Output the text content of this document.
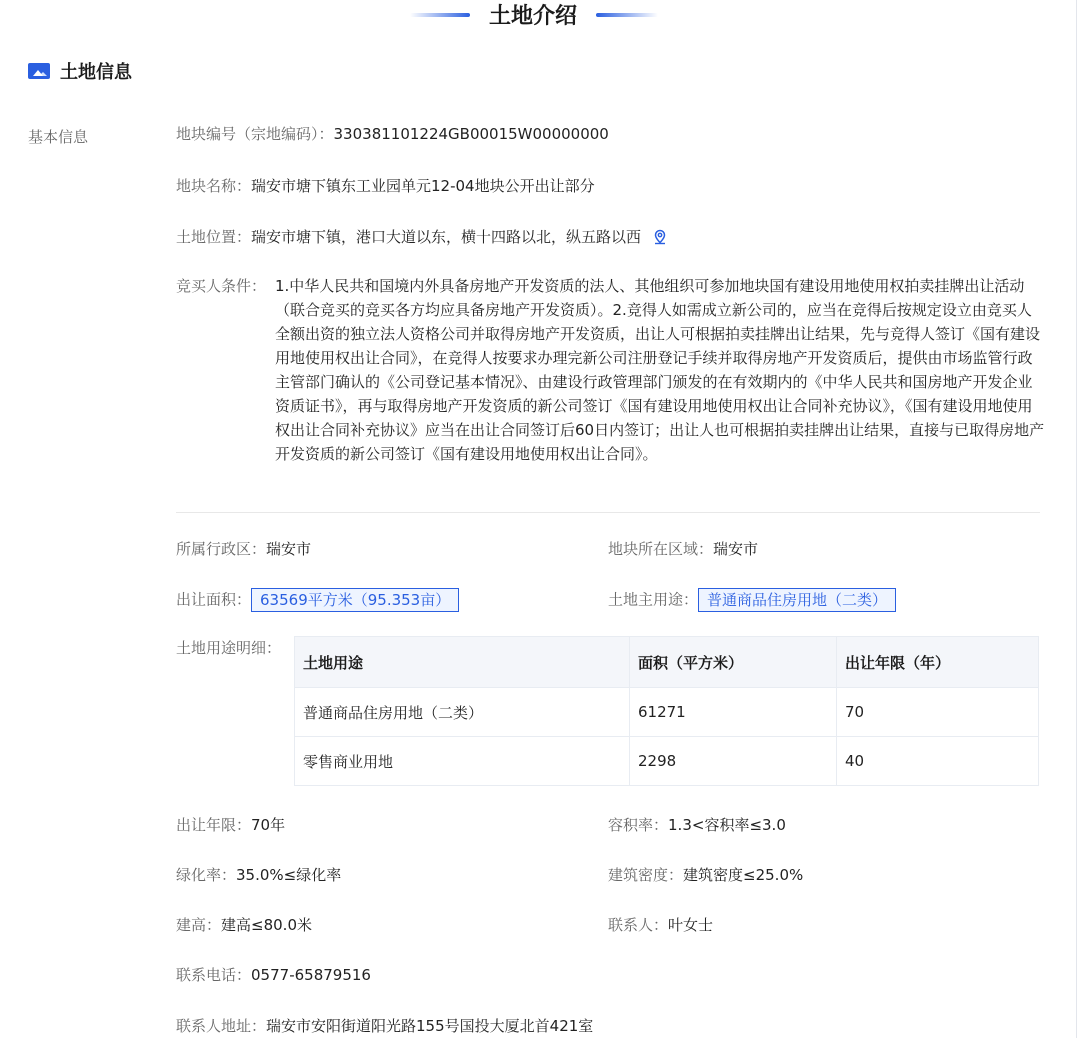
土地介绍
土地信息
基本信息	地块编号（宗地编码）：330381101224GB00015W00000000
地块名称：瑞安市塘下镇东工业园单元12-04地块公开出让部分
土地位置：瑞安市塘下镇，港口大道以东，横十四路以北，纵五路以西
竞买人条件： 1.中华人民共和国境内外具备房地产开发资质的法人、其他组织可参加地块国有建设用地使用权拍卖挂牌出让活动（联合竞买的竞买各方均应具备房地产开发资质）。2.竞得人如需成立新公司的，应当在竞得后按规定设立由竞买人全额出资的独立法人资格公司并取得房地产开发资质，出让人可根据拍卖挂牌出让结果，先与竞得人签订《国有建设用地使用权出让合同》，在竞得人按要求办理完新公司注册登记手续并取得房地产开发资质后，提供由市场监管行政主管部门确认的《公司登记基本情况》、由建设行政管理部门颁发的在有效期内的《中华人民共和国房地产开发企业资质证书》，再与取得房地产开发资质的新公司签订《国有建设用地使用权出让合同补充协议》，《国有建设用地使用权出让合同补充协议》应当在出让合同签订后60日内签订；出让人也可根据拍卖挂牌出让结果，直接与已取得房地产开发资质的新公司签订《国有建设用地使用权出让合同》。
所属行政区：瑞安市	地块所在区域：瑞安市
出让面积： 63569平方米（95.353亩）	土地主用途： 普通商品住房用地（二类）
土地用途明细：
土地用途	面积（平方米）	出让年限（年）
普通商品住房用地（二类）	61271	70
零售商业用地	2298	40
出让年限：70年	容积率：1.3<容积率≤3.0
绿化率：35.0%≤绿化率	建筑密度：建筑密度≤25.0%
建高：建高≤80.0米	联系人：叶女士
联系电话：0577-65879516
联系人地址：瑞安市安阳街道阳光路155号国投大厦北首421室
